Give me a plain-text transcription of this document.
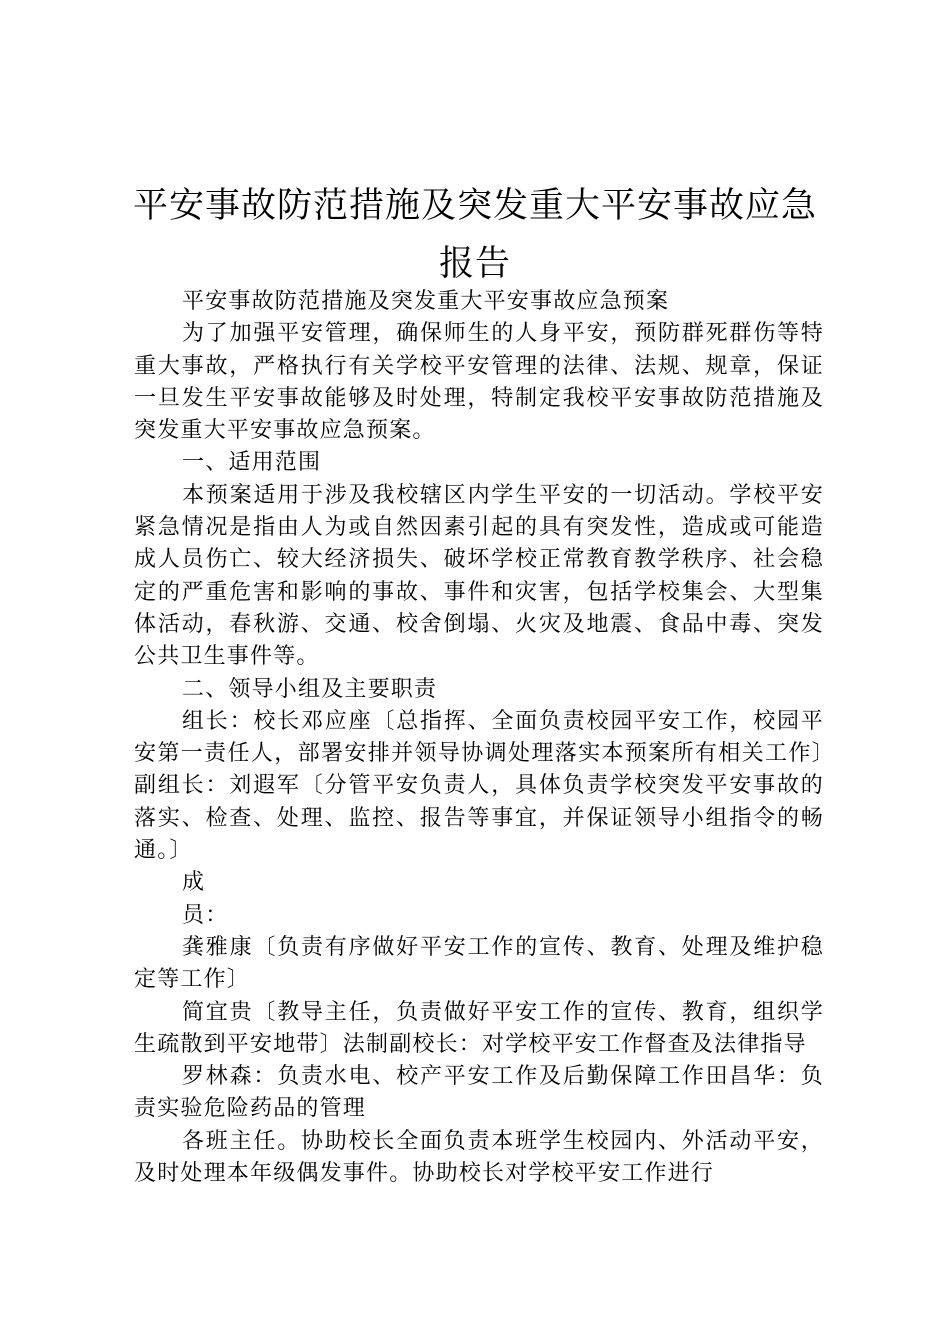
平安事故防范措施及突发重大平安事故应急
报告

平安事故防范措施及突发重大平安事故应急预案

为了加强平安管理，确保师生的人身平安，预防群死群伤等特重大事故，严格执行有关学校平安管理的法律、法规、规章，保证一旦发生平安事故能够及时处理，特制定我校平安事故防范措施及突发重大平安事故应急预案。

一、适用范围

本预案适用于涉及我校辖区内学生平安的一切活动。学校平安紧急情况是指由人为或自然因素引起的具有突发性，造成或可能造成人员伤亡、较大经济损失、破坏学校正常教育教学秩序、社会稳定的严重危害和影响的事故、事件和灾害，包括学校集会、大型集体活动，春秋游、交通、校舍倒塌、火灾及地震、食品中毒、突发公共卫生事件等。

二、领导小组及主要职责

组长：校长邓应座〔总指挥、全面负责校园平安工作，校园平安第一责任人，部署安排并领导协调处理落实本预案所有相关工作〕副组长：刘遐军〔分管平安负责人，具体负责学校突发平安事故的落实、检查、处理、监控、报告等事宜，并保证领导小组指令的畅通。〕

成

员：

龚雅康〔负责有序做好平安工作的宣传、教育、处理及维护稳定等工作〕

简宜贵〔教导主任，负责做好平安工作的宣传、教育，组织学生疏散到平安地带〕法制副校长：对学校平安工作督查及法律指导

罗林森：负责水电、校产平安工作及后勤保障工作田昌华：负责实验危险药品的管理

各班主任。协助校长全面负责本班学生校园内、外活动平安，及时处理本年级偶发事件。协助校长对学校平安工作进行
